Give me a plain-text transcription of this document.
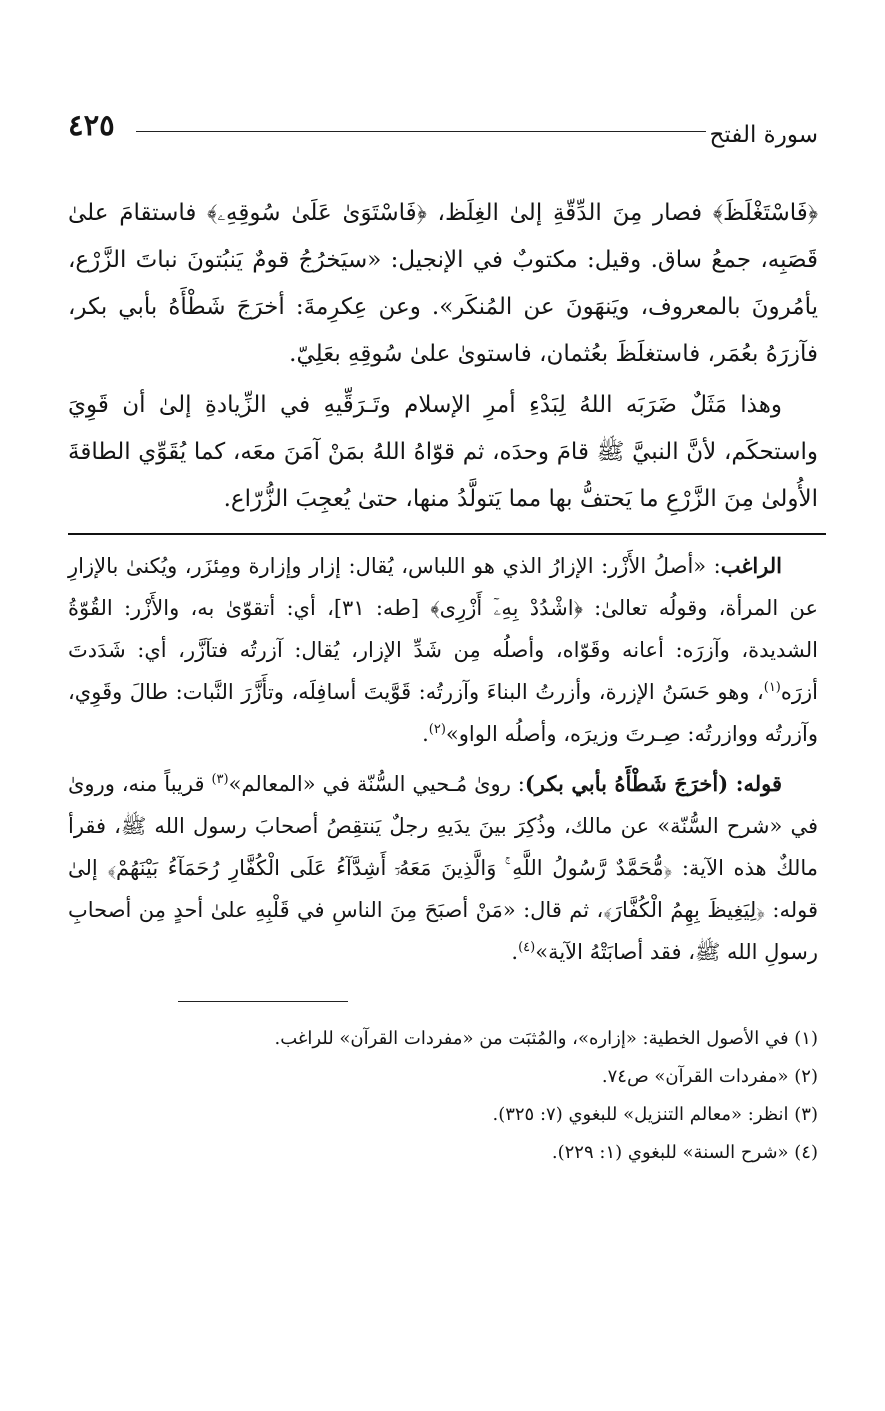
سورة الفتح
٤٢٥

﴿فَاسْتَغْلَظَ﴾ فصار مِنَ الدِّقّةِ إلىٰ الغِلَظ، ﴿فَاسْتَوَىٰ عَلَىٰ سُوقِهِۦ﴾ فاستقامَ علىٰ قَصَبِه، جمعُ ساق. وقيل: مكتوبٌ في الإنجيل: «سيَخرُجُ قومٌ يَنبُتونَ نباتَ الزَّرْع، يأمُرونَ بالمعروف، ويَنهَونَ عن المُنكَر». وعن عِكرِمةَ: أخرَجَ شَطْأَهُ بأبي بكر، فآزرَهُ بعُمَر، فاستغلَظَ بعُثمان، فاستوىٰ علىٰ سُوقِهِ بعَلِيّ.

وهذا مَثَلٌ ضَرَبَه اللهُ لِبَدْءِ أمرِ الإسلام وتَـرَقِّيهِ في الزِّيادةِ إلىٰ أن قَوِيَ واستحكَم، لأنَّ النبيَّ ﷺ قامَ وحدَه، ثم قوّاهُ اللهُ بمَنْ آمَنَ معَه، كما يُقَوِّي الطاقةَ الأُولىٰ مِنَ الزَّرْعِ ما يَحتفُّ بها مما يَتولَّدُ منها، حتىٰ يُعجِبَ الزُّرّاع.

الراغب: «أصلُ الأَزْر: الإزارُ الذي هو اللباس، يُقال: إزار وإزارة ومِئزَر، ويُكنىٰ بالإزارِ عن المرأة، وقولُه تعالىٰ: ﴿اشْدُدْ بِهِۦٓ أَزْرِى﴾ [طه: ٣١]، أي: أتقوّىٰ به، والأَزْر: القُوّةُ الشديدة، وآزرَه: أعانه وقَوّاه، وأصلُه مِن شَدِّ الإزار، يُقال: آزرتُه فتآزَّر، أي: شَدَدتَ أزرَه$^{(١)}$، وهو حَسَنُ الإزرة، وأزرتُ البناءَ وآزرتُه: قَوَّيتَ أسافِلَه، وتأَزَّرَ النَّبات: طالَ وقَوِي، وآزرتُه ووازرتُه: صِـرتَ وزيرَه، وأصلُه الواو»$^{(٢)}$.

قوله: (أخرَجَ شَطْأَهُ بأبي بكر): روىٰ مُـحيي السُّنّة في «المعالم»$^{(٣)}$ قريباً منه، وروىٰ في «شرح السُّنّة» عن مالك، وذُكِرَ بينَ يدَيهِ رجلٌ يَنتقِصُ أصحابَ رسول الله ﷺ، فقرأ مالكٌ هذه الآية: ﴿مُّحَمَّدٌ رَّسُولُ اللَّهِ ۚ وَالَّذِينَ مَعَهُۥٓ أَشِدَّآءُ عَلَى الْكُفَّارِ رُحَمَآءُ بَيْنَهُمْ﴾ إلىٰ قوله: ﴿لِيَغِيظَ بِهِمُ الْكُفَّارَ﴾، ثم قال: «مَنْ أصبَحَ مِنَ الناسِ في قَلْبِهِ علىٰ أحدٍ مِن أصحابِ رسولِ الله ﷺ، فقد أصابَتْهُ الآية»$^{(٤)}$.

(١) في الأصول الخطية: «إزاره»، والمُثبَت من «مفردات القرآن» للراغب.

(٢) «مفردات القرآن» ص٧٤.

(٣) انظر: «معالم التنزيل» للبغوي (٧: ٣٢٥).

(٤) «شرح السنة» للبغوي (١: ٢٢٩).
